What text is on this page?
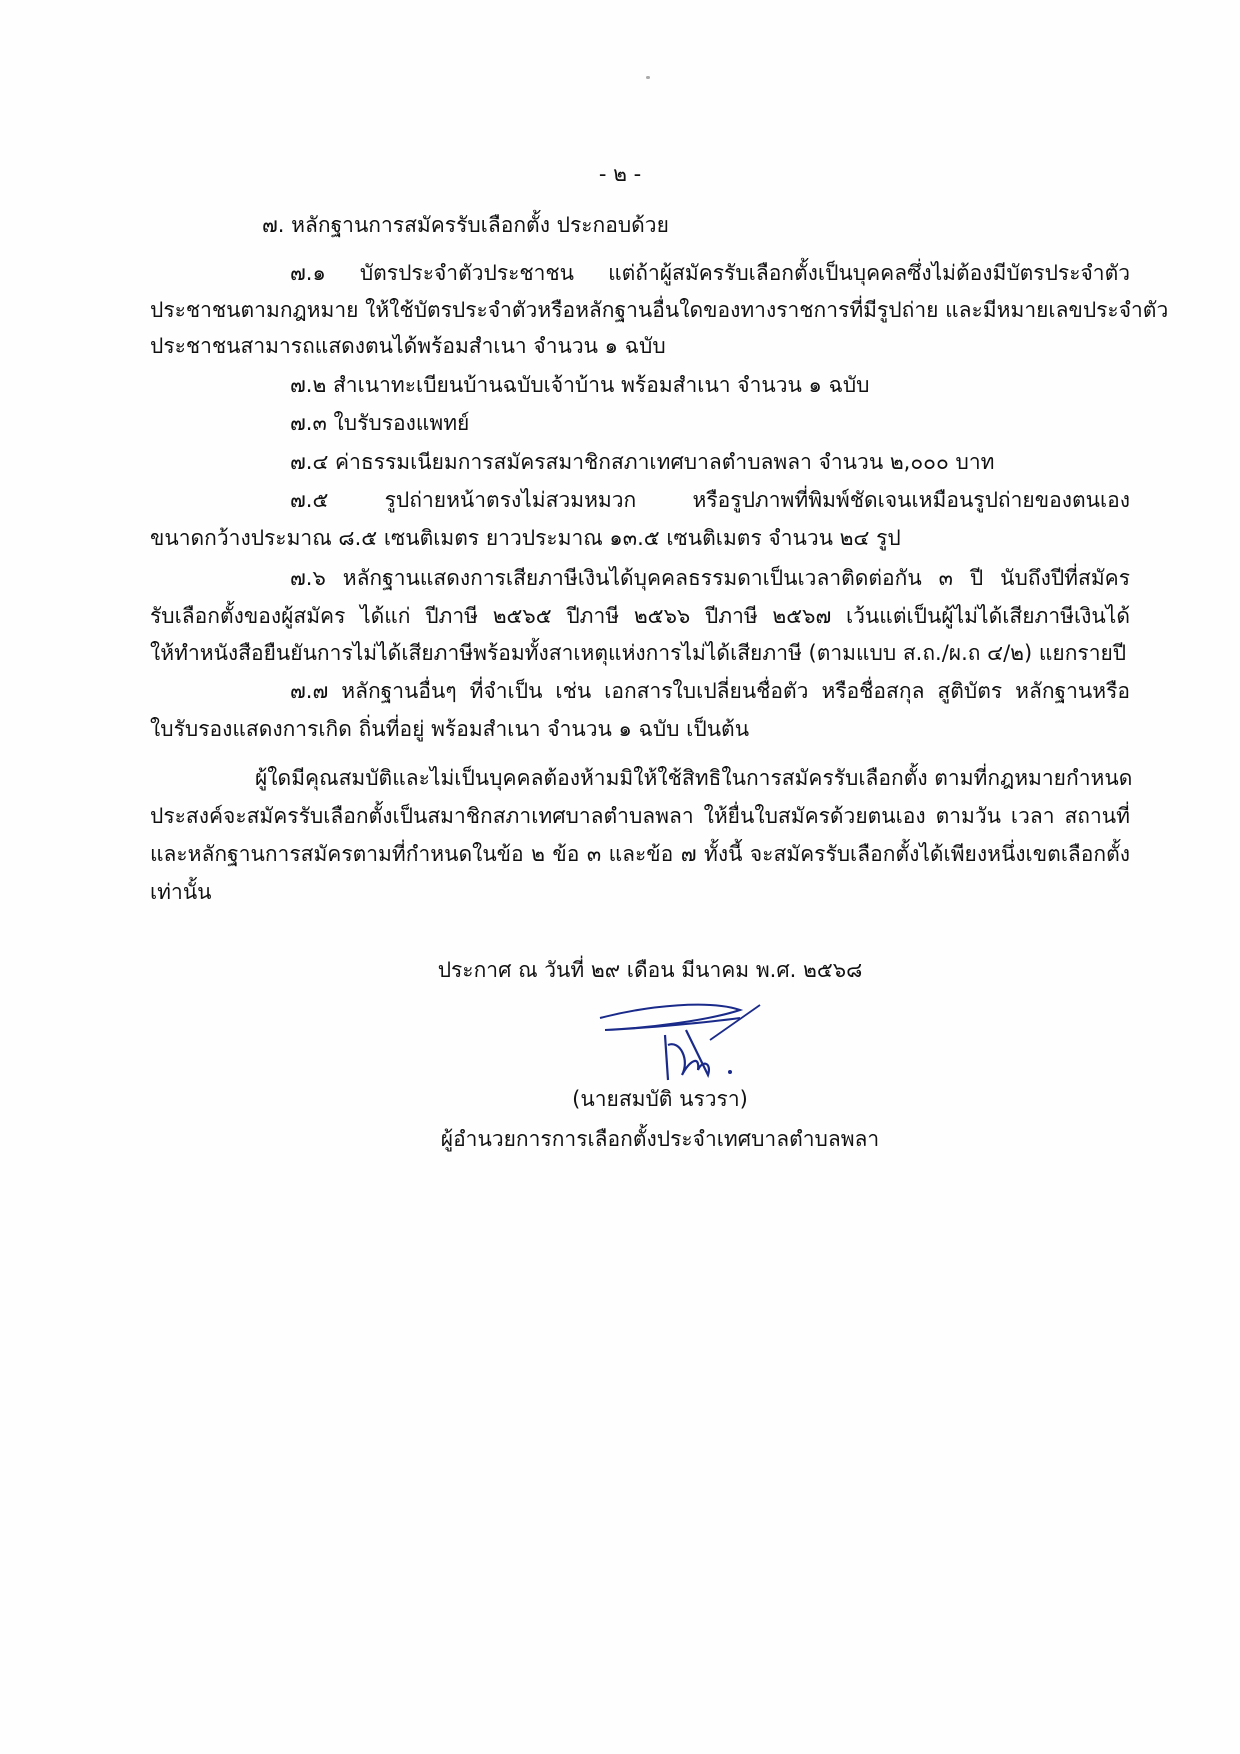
- ๒ -
๗. หลักฐานการสมัครรับเลือกตั้ง ประกอบด้วย
๗.๑ บัตรประจำตัวประชาชน แต่ถ้าผู้สมัครรับเลือกตั้งเป็นบุคคลซึ่งไม่ต้องมีบัตรประจำตัว
ประชาชนตามกฎหมาย ให้ใช้บัตรประจำตัวหรือหลักฐานอื่นใดของทางราชการที่มีรูปถ่าย และมีหมายเลขประจำตัว
ประชาชนสามารถแสดงตนได้พร้อมสำเนา จำนวน ๑ ฉบับ
๗.๒ สำเนาทะเบียนบ้านฉบับเจ้าบ้าน พร้อมสำเนา จำนวน ๑ ฉบับ
๗.๓ ใบรับรองแพทย์
๗.๔ ค่าธรรมเนียมการสมัครสมาชิกสภาเทศบาลตำบลพลา จำนวน ๒,๐๐๐ บาท
๗.๕ รูปถ่ายหน้าตรงไม่สวมหมวก หรือรูปภาพที่พิมพ์ชัดเจนเหมือนรูปถ่ายของตนเอง
ขนาดกว้างประมาณ ๘.๕ เซนติเมตร ยาวประมาณ ๑๓.๕ เซนติเมตร จำนวน ๒๔ รูป
๗.๖ หลักฐานแสดงการเสียภาษีเงินได้บุคคลธรรมดาเป็นเวลาติดต่อกัน ๓ ปี นับถึงปีที่สมัคร
รับเลือกตั้งของผู้สมัคร ได้แก่ ปีภาษี ๒๕๖๕ ปีภาษี ๒๕๖๖ ปีภาษี ๒๕๖๗ เว้นแต่เป็นผู้ไม่ได้เสียภาษีเงินได้
ให้ทำหนังสือยืนยันการไม่ได้เสียภาษีพร้อมทั้งสาเหตุแห่งการไม่ได้เสียภาษี (ตามแบบ ส.ถ./ผ.ถ ๔/๒) แยกรายปี
๗.๗ หลักฐานอื่นๆ ที่จำเป็น เช่น เอกสารใบเปลี่ยนชื่อตัว หรือชื่อสกุล สูติบัตร หลักฐานหรือ
ใบรับรองแสดงการเกิด ถิ่นที่อยู่ พร้อมสำเนา จำนวน ๑ ฉบับ เป็นต้น
ผู้ใดมีคุณสมบัติและไม่เป็นบุคคลต้องห้ามมิให้ใช้สิทธิในการสมัครรับเลือกตั้ง ตามที่กฎหมายกำหนด
ประสงค์จะสมัครรับเลือกตั้งเป็นสมาชิกสภาเทศบาลตำบลพลา ให้ยื่นใบสมัครด้วยตนเอง ตามวัน เวลา สถานที่
และหลักฐานการสมัครตามที่กำหนดในข้อ ๒ ข้อ ๓ และข้อ ๗ ทั้งนี้ จะสมัครรับเลือกตั้งได้เพียงหนึ่งเขตเลือกตั้ง
เท่านั้น
ประกาศ ณ วันที่ ๒๙ เดือน มีนาคม พ.ศ. ๒๕๖๘
(นายสมบัติ นรวรา)
ผู้อำนวยการการเลือกตั้งประจำเทศบาลตำบลพลา
